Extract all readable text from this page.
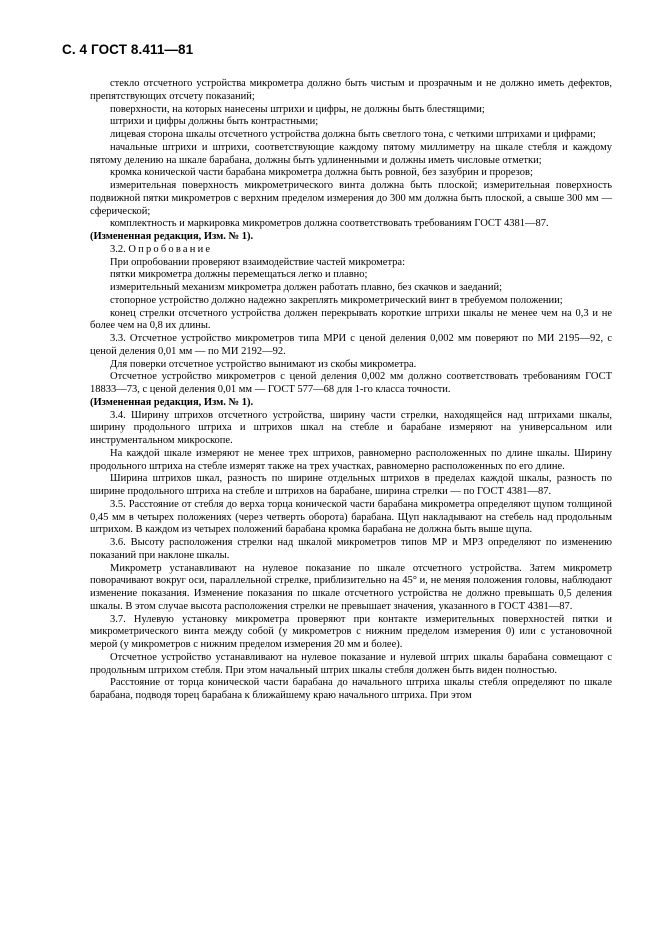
С. 4 ГОСТ 8.411—81

стекло отсчетного устройства микрометра должно быть чистым и прозрачным и не должно иметь дефектов, препятствующих отсчету показаний;

поверхности, на которых нанесены штрихи и цифры, не должны быть блестящими;

штрихи и цифры должны быть контрастными;

лицевая сторона шкалы отсчетного устройства должна быть светлого тона, с четкими штрихами и цифрами;

начальные штрихи и штрихи, соответствующие каждому пятому миллиметру на шкале стебля и каждому пятому делению на шкале барабана, должны быть удлиненными и должны иметь числовые отметки;

кромка конической части барабана микрометра должна быть ровной, без зазубрин и прорезов;

измерительная поверхность микрометрического винта должна быть плоской; измерительная поверхность подвижной пятки микрометров с верхним пределом измерения до 300 мм должна быть плоской, а свыше 300 мм — сферической;

комплектность и маркировка микрометров должна соответствовать требованиям ГОСТ 4381—87.

(Измененная редакция, Изм. № 1).

3.2. Опробование

При опробовании проверяют взаимодействие частей микрометра:

пятки микрометра должны перемещаться легко и плавно;

измерительный механизм микрометра должен работать плавно, без скачков и заеданий;

стопорное устройство должно надежно закреплять микрометрический винт в требуемом положении;

конец стрелки отсчетного устройства должен перекрывать короткие штрихи шкалы не менее чем на 0,3 и не более чем на 0,8 их длины.

3.3. Отсчетное устройство микрометров типа МРИ с ценой деления 0,002 мм поверяют по МИ 2195—92, с ценой деления 0,01 мм — по МИ 2192—92.

Для поверки отсчетное устройство вынимают из скобы микрометра.

Отсчетное устройство микрометров с ценой деления 0,002 мм должно соответствовать требованиям ГОСТ 18833—73, с ценой деления 0,01 мм — ГОСТ 577—68 для 1-го класса точности.

(Измененная редакция, Изм. № 1).

3.4. Ширину штрихов отсчетного устройства, ширину части стрелки, находящейся над штрихами шкалы, ширину продольного штриха и штрихов шкал на стебле и барабане измеряют на универсальном или инструментальном микроскопе.

На каждой шкале измеряют не менее трех штрихов, равномерно расположенных по длине шкалы. Ширину продольного штриха на стебле измерят также на трех участках, равномерно расположенных по его длине.

Ширина штрихов шкал, разность по ширине отдельных штрихов в пределах каждой шкалы, разность по ширине продольного штриха на стебле и штрихов на барабане, ширина стрелки — по ГОСТ 4381—87.

3.5. Расстояние от стебля до верха торца конической части барабана микрометра определяют щупом толщиной 0,45 мм в четырех положениях (через четверть оборота) барабана. Щуп накладывают на стебель над продольным штрихом. В каждом из четырех положений барабана кромка барабана не должна быть выше щупа.

3.6. Высоту расположения стрелки над шкалой микрометров типов МР и МРЗ определяют по изменению показаний при наклоне шкалы.

Микрометр устанавливают на нулевое показание по шкале отсчетного устройства. Затем микрометр поворачивают вокруг оси, параллельной стрелке, приблизительно на 45° и, не меняя положения головы, наблюдают изменение показания. Изменение показания по шкале отсчетного устройства не должно превышать 0,5 деления шкалы. В этом случае высота расположения стрелки не превышает значения, указанного в ГОСТ 4381—87.

3.7. Нулевую установку микрометра проверяют при контакте измерительных поверхностей пятки и микрометрического винта между собой (у микрометров с нижним пределом измерения 0) или с установочной мерой (у микрометров с нижним пределом измерения 20 мм и более).

Отсчетное устройство устанавливают на нулевое показание и нулевой штрих шкалы барабана совмещают с продольным штрихом стебля. При этом начальный штрих шкалы стебля должен быть виден полностью.

Расстояние от торца конической части барабана до начального штриха шкалы стебля определяют по шкале барабана, подводя торец барабана к ближайшему краю начального штриха. При этом
